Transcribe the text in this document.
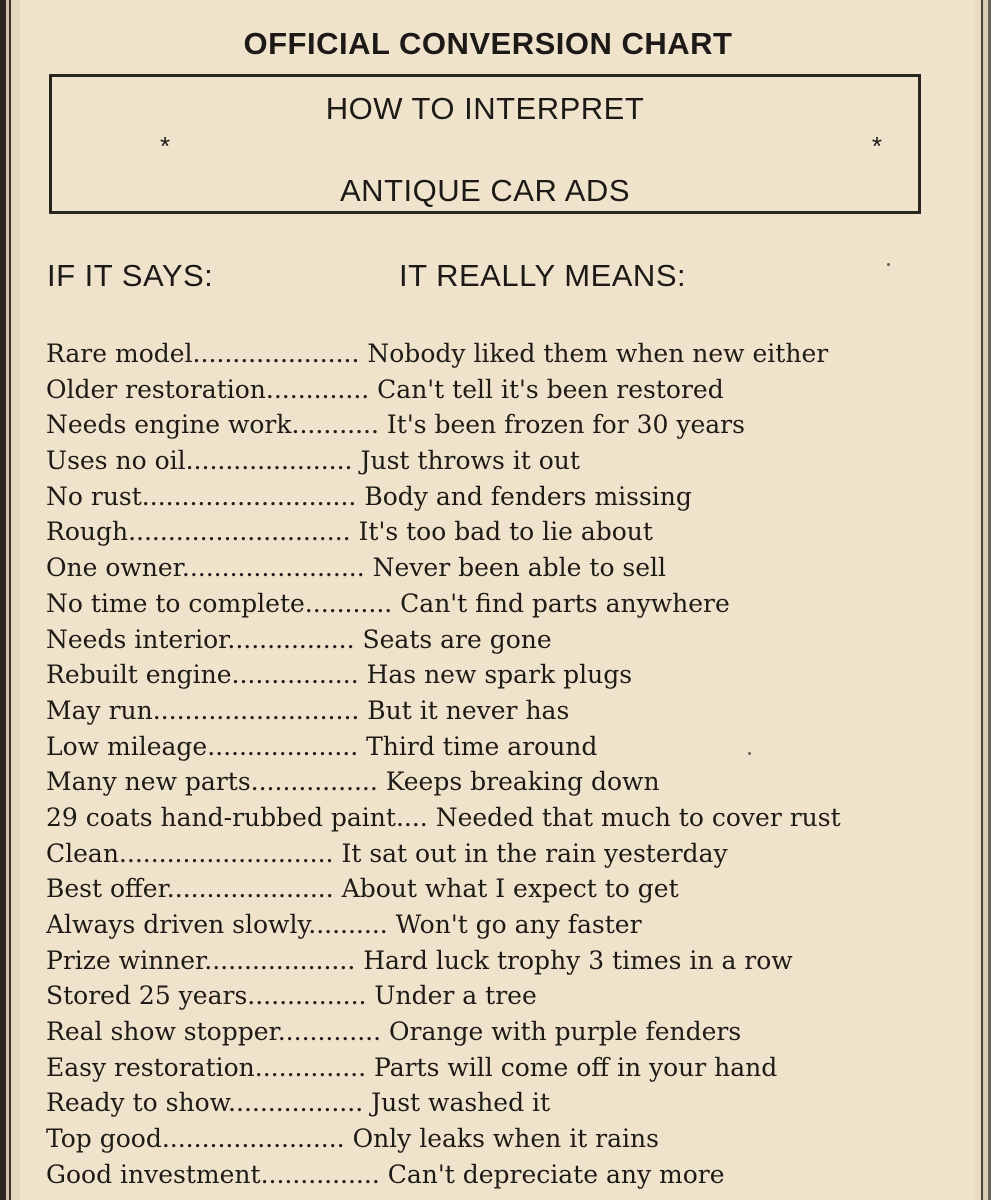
OFFICIAL CONVERSION CHART
HOW TO INTERPRET
*	*
ANTIQUE CAR ADS
IF IT SAYS:	IT REALLY MEANS:
Rare model..................... Nobody liked them when new either
Older restoration............. Can't tell it's been restored
Needs engine work........... It's been frozen for 30 years
Uses no oil..................... Just throws it out
No rust........................... Body and fenders missing
Rough............................ It's too bad to lie about
One owner....................... Never been able to sell
No time to complete........... Can't find parts anywhere
Needs interior................ Seats are gone
Rebuilt engine................ Has new spark plugs
May run.......................... But it never has
Low mileage................... Third time around
Many new parts................ Keeps breaking down
29 coats hand-rubbed paint.... Needed that much to cover rust
Clean........................... It sat out in the rain yesterday
Best offer..................... About what I expect to get
Always driven slowly.......... Won't go any faster
Prize winner................... Hard luck trophy 3 times in a row
Stored 25 years............... Under a tree
Real show stopper............. Orange with purple fenders
Easy restoration.............. Parts will come off in your hand
Ready to show................. Just washed it
Top good....................... Only leaks when it rains
Good investment............... Can't depreciate any more
